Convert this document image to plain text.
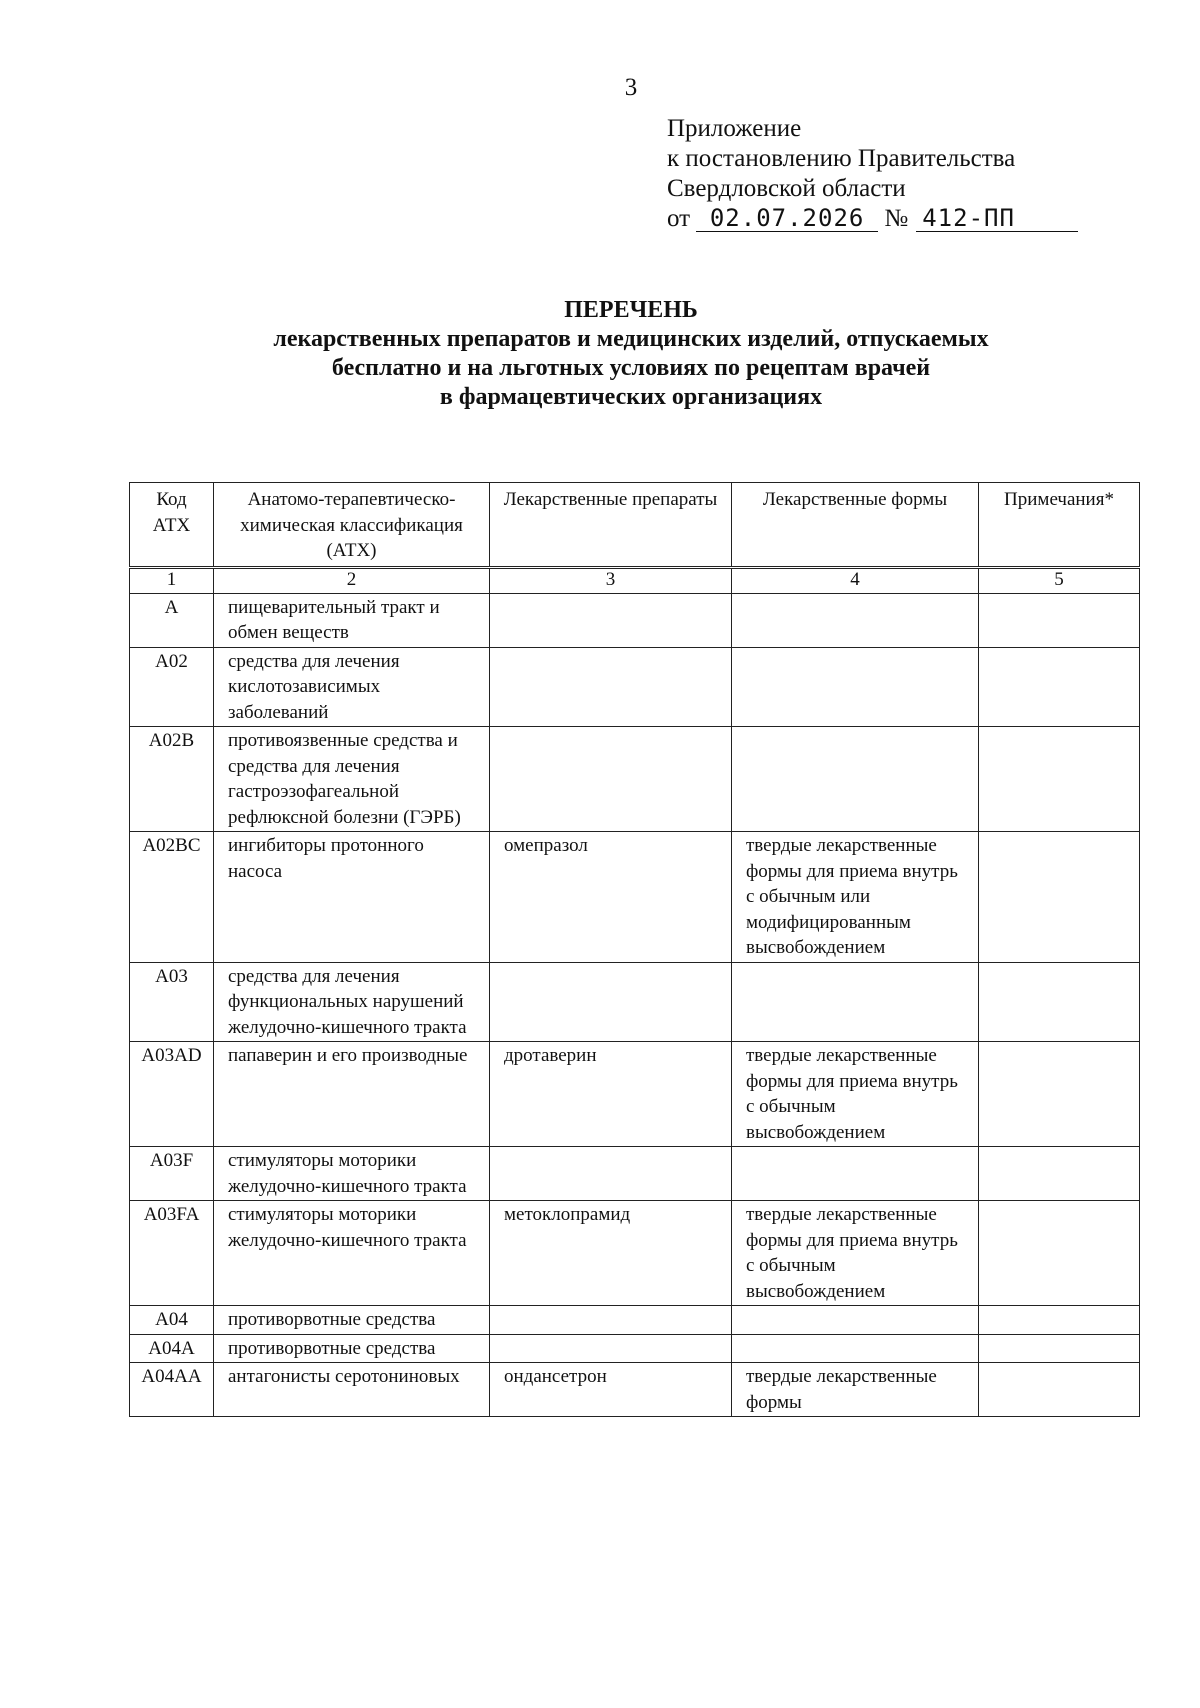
3
Приложение
к постановлению Правительства
Свердловской области
от 02.07.2026 № 412-ПП
ПЕРЕЧЕНЬ
лекарственных препаратов и медицинских изделий, отпускаемых
бесплатно и на льготных условиях по рецептам врачей
в фармацевтических организациях
Код АТХ	Анатомо-терапевтическо-химическая классификация (АТХ)	Лекарственные препараты	Лекарственные формы	Примечания*
1	2	3	4	5
A	пищеварительный тракт и обмен веществ			
A02	средства для лечения кислотозависимых заболеваний			
A02B	противоязвенные средства и средства для лечения гастроэзофагеальной рефлюксной болезни (ГЭРБ)			
A02BC	ингибиторы протонного насоса	омепразол	твердые лекарственные формы для приема внутрь с обычным или модифицированным высвобождением	
A03	средства для лечения функциональных нарушений желудочно-кишечного тракта			
A03AD	папаверин и его производные	дротаверин	твердые лекарственные формы для приема внутрь с обычным высвобождением	
A03F	стимуляторы моторики желудочно-кишечного тракта			
A03FA	стимуляторы моторики желудочно-кишечного тракта	метоклопрамид	твердые лекарственные формы для приема внутрь с обычным высвобождением	
A04	противорвотные средства			
A04A	противорвотные средства			
A04AA	антагонисты серотониновых	ондансетрон	твердые лекарственные формы	
